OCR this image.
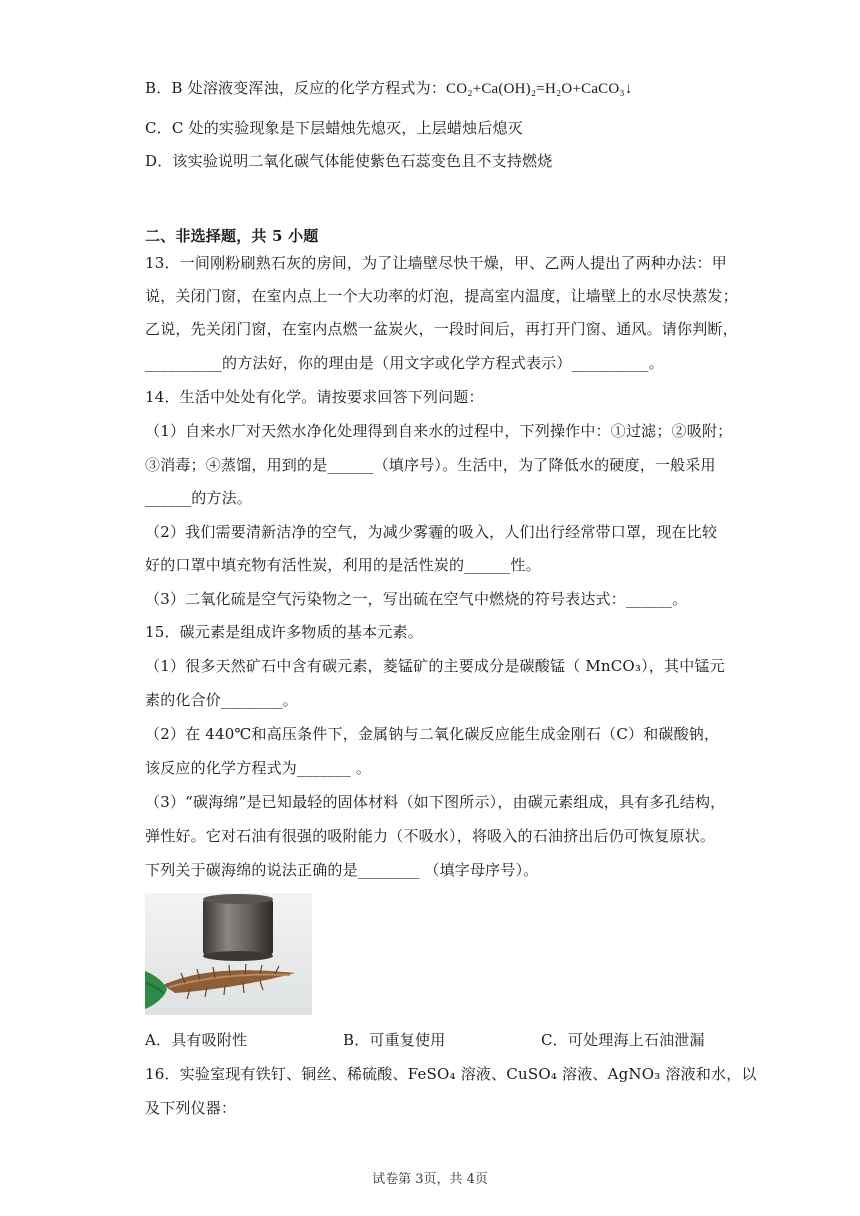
B．B 处溶液变浑浊，反应的化学方程式为：CO₂+Ca(OH)₂=H₂O+CaCO₃↓
C．C 处的实验现象是下层蜡烛先熄灭，上层蜡烛后熄灭
D．该实验说明二氧化碳气体能使紫色石蕊变色且不支持燃烧
二、非选择题，共 5 小题
13．一间刚粉刷熟石灰的房间，为了让墙壁尽快干燥，甲、乙两人提出了两种办法：甲
说，关闭门窗，在室内点上一个大功率的灯泡，提高室内温度，让墙壁上的水尽快蒸发；
乙说，先关闭门窗，在室内点燃一盆炭火，一段时间后，再打开门窗、通风。请你判断，
__________的方法好，你的理由是（用文字或化学方程式表示）__________。
14．生活中处处有化学。请按要求回答下列问题：
（1）自来水厂对天然水净化处理得到自来水的过程中，下列操作中：①过滤；②吸附；
③消毒；④蒸馏，用到的是______（填序号）。生活中，为了降低水的硬度，一般采用
______的方法。
（2）我们需要清新洁净的空气，为减少雾霾的吸入，人们出行经常带口罩，现在比较
好的口罩中填充物有活性炭，利用的是活性炭的______性。
（3）二氧化硫是空气污染物之一，写出硫在空气中燃烧的符号表达式：______。
15．碳元素是组成许多物质的基本元素。
（1）很多天然矿石中含有碳元素，菱锰矿的主要成分是碳酸锰（ MnCO₃），其中锰元
素的化合价________。
（2）在 440℃和高压条件下，金属钠与二氧化碳反应能生成金刚石（C）和碳酸钠，
该反应的化学方程式为_______ 。
（3）“碳海绵”是已知最轻的固体材料（如下图所示），由碳元素组成，具有多孔结构，
弹性好。它对石油有很强的吸附能力（不吸水），将吸入的石油挤出后仍可恢复原状。
下列关于碳海绵的说法正确的是________ （填字母序号）。
A．具有吸附性	B．可重复使用	C．可处理海上石油泄漏
16．实验室现有铁钉、铜丝、稀硫酸、FeSO₄ 溶液、CuSO₄ 溶液、AgNO₃ 溶液和水，以
及下列仪器：
试卷第 3页，共 4页
